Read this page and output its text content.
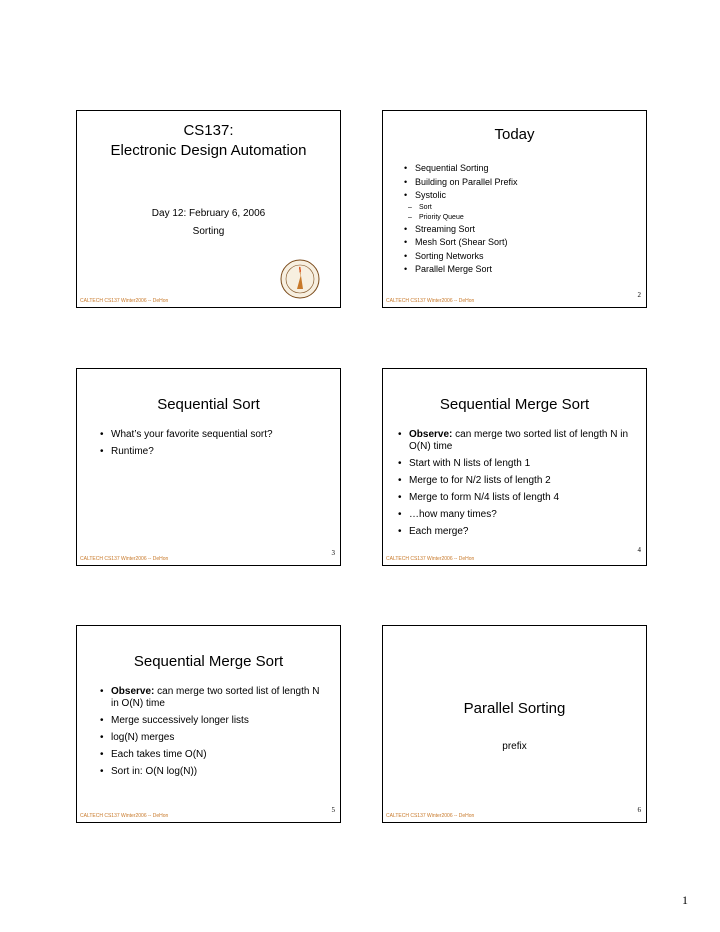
CS137:
Electronic Design Automation
Day 12: February 6, 2006
Sorting
CALTECH CS137 Winter2006 -- DeHon
Today
• Sequential Sorting
• Building on Parallel Prefix
• Systolic
– Sort
– Priority Queue
• Streaming Sort
• Mesh Sort (Shear Sort)
• Sorting Networks
• Parallel Merge Sort
2
CALTECH CS137 Winter2006 -- DeHon
Sequential Sort
• What’s your favorite sequential sort?
• Runtime?
3
CALTECH CS137 Winter2006 -- DeHon
Sequential Merge Sort
• Observe: can merge two sorted list of length N in O(N) time
• Start with N lists of length 1
• Merge to for N/2 lists of length 2
• Merge to form N/4 lists of length 4
• …how many times?
• Each merge?
4
CALTECH CS137 Winter2006 -- DeHon
Sequential Merge Sort
• Observe: can merge two sorted list of length N in O(N) time
• Merge successively longer lists
• log(N) merges
• Each takes time O(N)
• Sort in: O(N log(N))
5
CALTECH CS137 Winter2006 -- DeHon
Parallel Sorting
prefix
6
CALTECH CS137 Winter2006 -- DeHon
1
